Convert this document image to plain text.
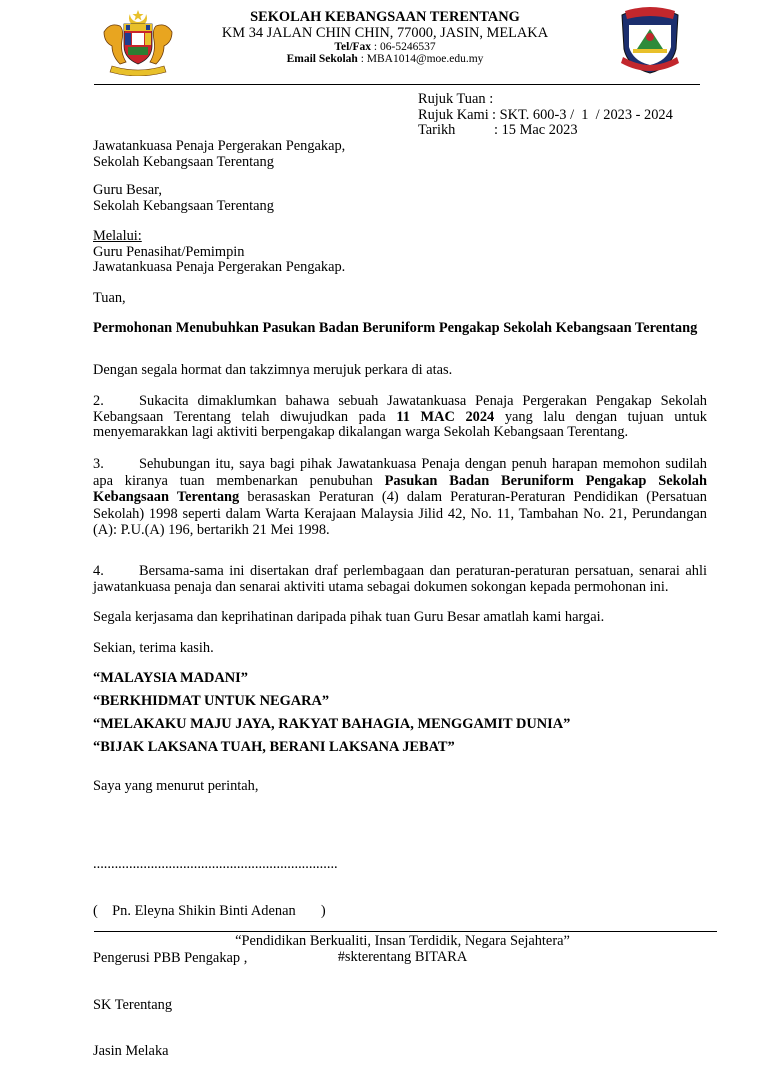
SEKOLAH KEBANGSAAN TERENTANG
KM 34 JALAN CHIN CHIN, 77000, JASIN, MELAKA
Tel/Fax : 06-5246537
Email Sekolah : MBA1014@moe.edu.my
Rujuk Tuan :
Rujuk Kami : SKT. 600-3 /  1  / 2023 - 2024
Tarikh	: 15 Mac 2023
Jawatankuasa Penaja Pergerakan Pengakap,
Sekolah Kebangsaan Terentang
Guru Besar,
Sekolah Kebangsaan Terentang
Melalui:
Guru Penasihat/Pemimpin
Jawatankuasa Penaja Pergerakan Pengakap.
Tuan,
Permohonan Menubuhkan Pasukan Badan Beruniform Pengakap Sekolah Kebangsaan Terentang
Dengan segala hormat dan takzimnya merujuk perkara di atas.
2. Sukacita dimaklumkan bahawa sebuah Jawatankuasa Penaja Pergerakan Pengakap Sekolah Kebangsaan Terentang telah diwujudkan pada 11 MAC 2024 yang lalu dengan tujuan untuk menyemarakkan lagi aktiviti berpengakap dikalangan warga Sekolah Kebangsaan Terentang.
3. Sehubungan itu, saya bagi pihak Jawatankuasa Penaja dengan penuh harapan memohon sudilah apa kiranya tuan membenarkan penubuhan Pasukan Badan Beruniform Pengakap Sekolah Kebangsaan Terentang berasaskan Peraturan (4) dalam Peraturan-Peraturan Pendidikan (Persatuan Sekolah) 1998 seperti dalam Warta Kerajaan Malaysia Jilid 42, No. 11, Tambahan No. 21, Perundangan (A): P.U.(A) 196, bertarikh 21 Mei 1998.
4. Bersama-sama ini disertakan draf perlembagaan dan peraturan-peraturan persatuan, senarai ahli jawatankuasa penaja dan senarai aktiviti utama sebagai dokumen sokongan kepada permohonan ini.
Segala kerjasama dan keprihatinan daripada pihak tuan Guru Besar amatlah kami hargai.
Sekian, terima kasih.
“MALAYSIA MADANI”
“BERKHIDMAT UNTUK NEGARA”
“MELAKAKU MAJU JAYA, RAKYAT BAHAGIA, MENGGAMIT DUNIA”
“BIJAK LAKSANA TUAH, BERANI LAKSANA JEBAT”
Saya yang menurut perintah,

....................................................................

(    Pn. Eleyna Shikin Binti Adenan       )

Pengerusi PBB Pengakap ,

SK Terentang

Jasin Melaka

“Pendidikan Berkualiti, Insan Terdidik, Negara Sejahtera”
#skterentang BITARA
